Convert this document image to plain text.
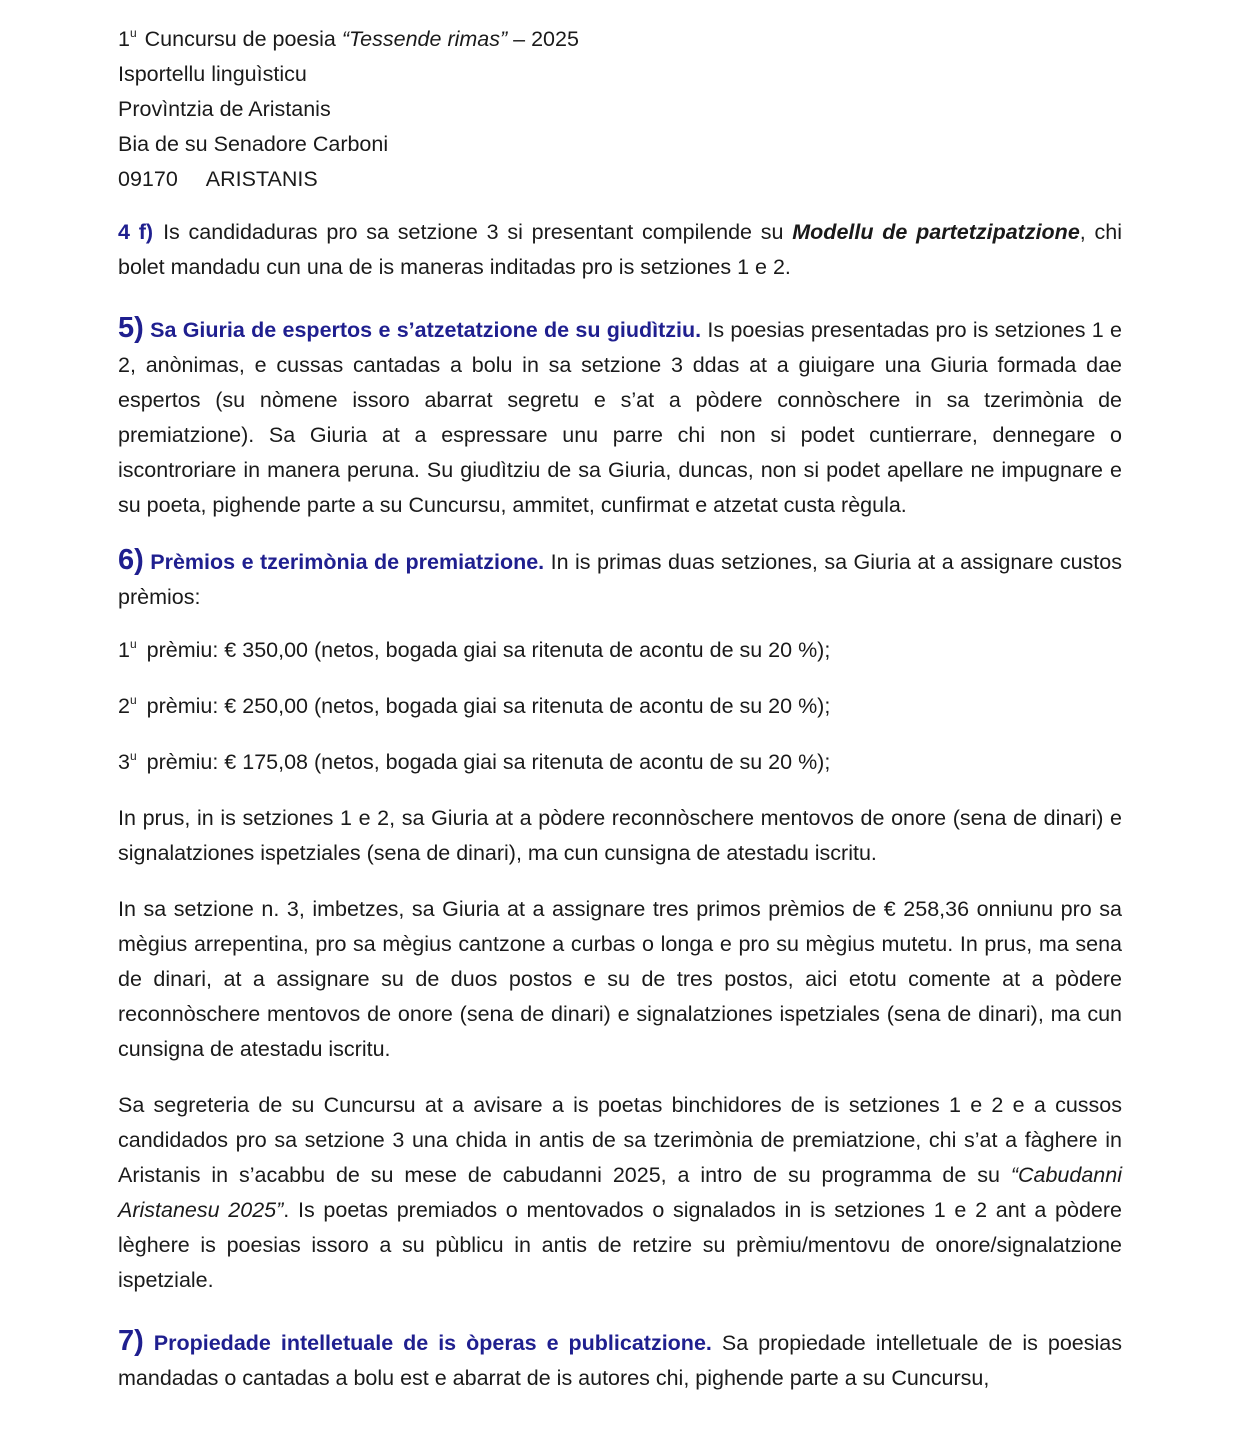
1$^u$ Cuncursu de poesia “Tessende rimas” – 2025
Isportellu linguìsticu
Provìntzia de Aristanis
Bia de su Senadore Carboni
09170 ARISTANIS

4 f) Is candidaduras pro sa setzione 3 si presentant compilende su Modellu de partetzipatzione, chi bolet mandadu cun una de is maneras inditadas pro is setziones 1 e 2.

5) Sa Giuria de espertos e s’atzetatzione de su giudìtziu. Is poesias presentadas pro is setziones 1 e 2, anònimas, e cussas cantadas a bolu in sa setzione 3 ddas at a giuigare una Giuria formada dae espertos (su nòmene issoro abarrat segretu e s’at a pòdere connòschere in sa tzerimònia de premiatzione). Sa Giuria at a espressare unu parre chi non si podet cuntierrare, dennegare o iscontroriare in manera peruna. Su giudìtziu de sa Giuria, duncas, non si podet apellare ne impugnare e su poeta, pighende parte a su Cuncursu, ammitet, cunfirmat e atzetat custa règula.

6) Prèmios e tzerimònia de premiatzione. In is primas duas setziones, sa Giuria at a assignare custos prèmios:

1$^u$ prèmiu: € 350,00 (netos, bogada giai sa ritenuta de acontu de su 20 %);
2$^u$ prèmiu: € 250,00 (netos, bogada giai sa ritenuta de acontu de su 20 %);
3$^u$ prèmiu: € 175,08 (netos, bogada giai sa ritenuta de acontu de su 20 %);

In prus, in is setziones 1 e 2, sa Giuria at a pòdere reconnòschere mentovos de onore (sena de dinari) e signalatziones ispetziales (sena de dinari), ma cun cunsigna de atestadu iscritu.

In sa setzione n. 3, imbetzes, sa Giuria at a assignare tres primos prèmios de € 258,36 onniunu pro sa mègius arrepentina, pro sa mègius cantzone a curbas o longa e pro su mègius mutetu. In prus, ma sena de dinari, at a assignare su de duos postos e su de tres postos, aici etotu comente at a pòdere reconnòschere mentovos de onore (sena de dinari) e signalatziones ispetziales (sena de dinari), ma cun cunsigna de atestadu iscritu.

Sa segreteria de su Cuncursu at a avisare a is poetas binchidores de is setziones 1 e 2 e a cussos candidados pro sa setzione 3 una chida in antis de sa tzerimònia de premiatzione, chi s’at a fàghere in Aristanis in s’acabbu de su mese de cabudanni 2025, a intro de su programma de su “Cabudanni Aristanesu 2025”. Is poetas premiados o mentovados o signalados in is setziones 1 e 2 ant a pòdere lèghere is poesias issoro a su pùblicu in antis de retzire su prèmiu/mentovu de onore/signalatzione ispetziale.

7) Propiedade intelletuale de is òperas e publicatzione. Sa propiedade intelletuale de is poesias mandadas o cantadas a bolu est e abarrat de is autores chi, pighende parte a su Cuncursu,
